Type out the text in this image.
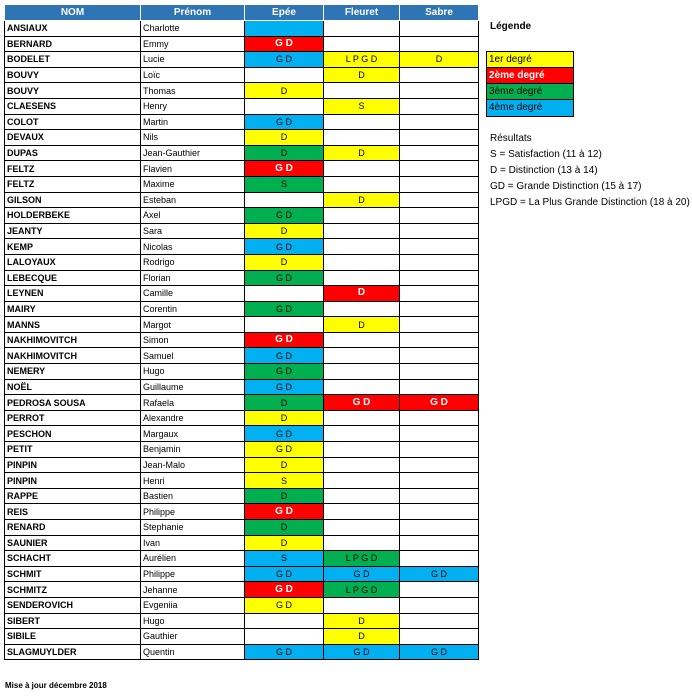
NOM	Prénom	Epée	Fleuret	Sabre
ANSIAUX	Charlotte			
BERNARD	Emmy	G D		
BODELET	Lucie	G D	L P G D	D
BOUVY	Loïc		D	
BOUVY	Thomas	D		
CLAESENS	Henry		S	
COLOT	Martin	G D		
DEVAUX	Nils	D		
DUPAS	Jean-Gauthier	D	D	
FELTZ	Flavien	G D		
FELTZ	Maxime	S		
GILSON	Esteban		D	
HOLDERBEKE	Axel	G D		
JEANTY	Sara	D		
KEMP	Nicolas	G D		
LALOYAUX	Rodrigo	D		
LEBECQUE	Florian	G D		
LEYNEN	Camille		D	
MAIRY	Corentin	G D		
MANNS	Margot		D	
NAKHIMOVITCH	Simon	G D		
NAKHIMOVITCH	Samuel	G D		
NEMERY	Hugo	G D		
NOËL	Guillaume	G D		
PEDROSA SOUSA	Rafaela	D	G D	G D
PERROT	Alexandre	D		
PESCHON	Margaux	G D		
PETIT	Benjamin	G D		
PINPIN	Jean-Malo	D		
PINPIN	Henri	S		
RAPPE	Bastien	D		
REIS	Philippe	G D		
RENARD	Stephanie	D		
SAUNIER	Ivan	D		
SCHACHT	Aurélien	S	L P G D	
SCHMIT	Philippe	G D	G D	G D
SCHMITZ	Jehanne	G D	L P G D	
SENDEROVICH	Evgeniia	G D		
SIBERT	Hugo		D	
SIBILE	Gauthier		D	
SLAGMUYLDER	Quentin	G D	G D	G D
Légende
1er degré
2ème degré
3ème degré
4ème degré
Résultats
S = Satisfaction (11 à 12)
D = Distinction (13 à 14)
GD = Grande Distinction (15 à 17)
LPGD = La Plus Grande Distinction (18 à 20)
Mise à jour décembre 2018
